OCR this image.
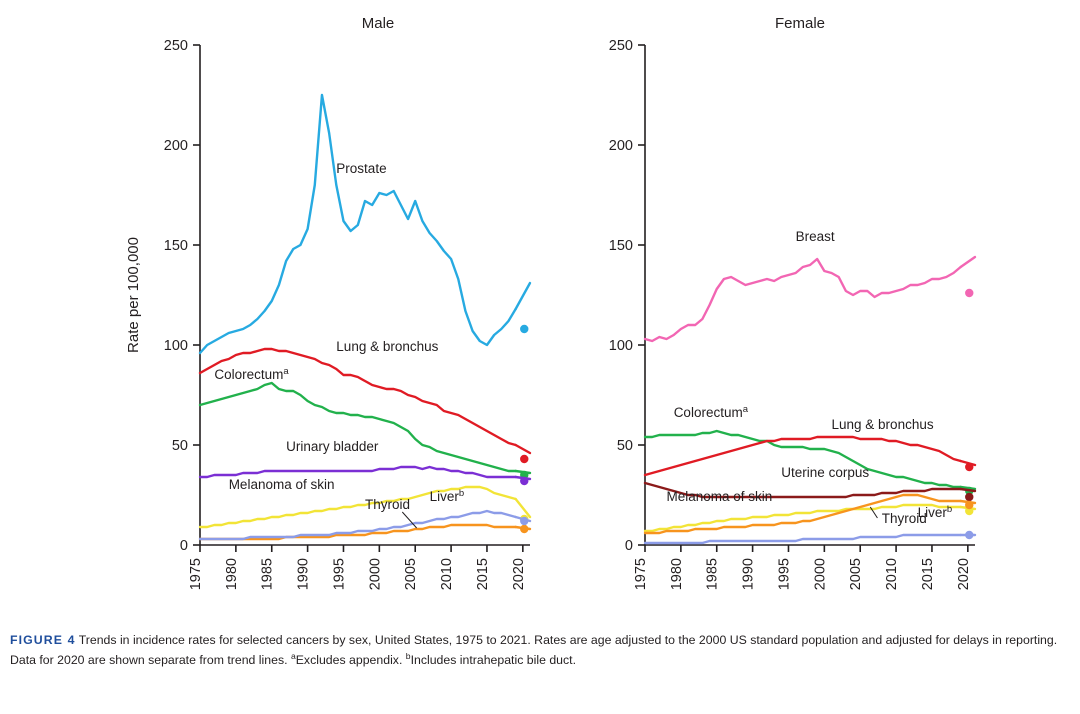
Male
0
50
100
150
200
250
1975 1980 1985 1990 1995 2000 2005 2010 2015 2020
Rate per 100,000
Prostate
Lung & bronchus
Colorectum$^a$
Urinary bladder
Melanoma of skin
Thyroid
Liver$^b$
Female
0
50
100
150
200
250
1975 1980 1985 1990 1995 2000 2005 2010 2015 2020
Breast
Colorectum$^a$
Lung & bronchus
Uterine corpus
Melanoma of skin
Thyroid
Liver$^b$
FIGURE 4 Trends in incidence rates for selected cancers by sex, United States, 1975 to 2021. Rates are age adjusted to the 2000 US standard population and adjusted for delays in reporting. Data for 2020 are shown separate from trend lines. $^a$Excludes appendix. $^b$Includes intrahepatic bile duct.
